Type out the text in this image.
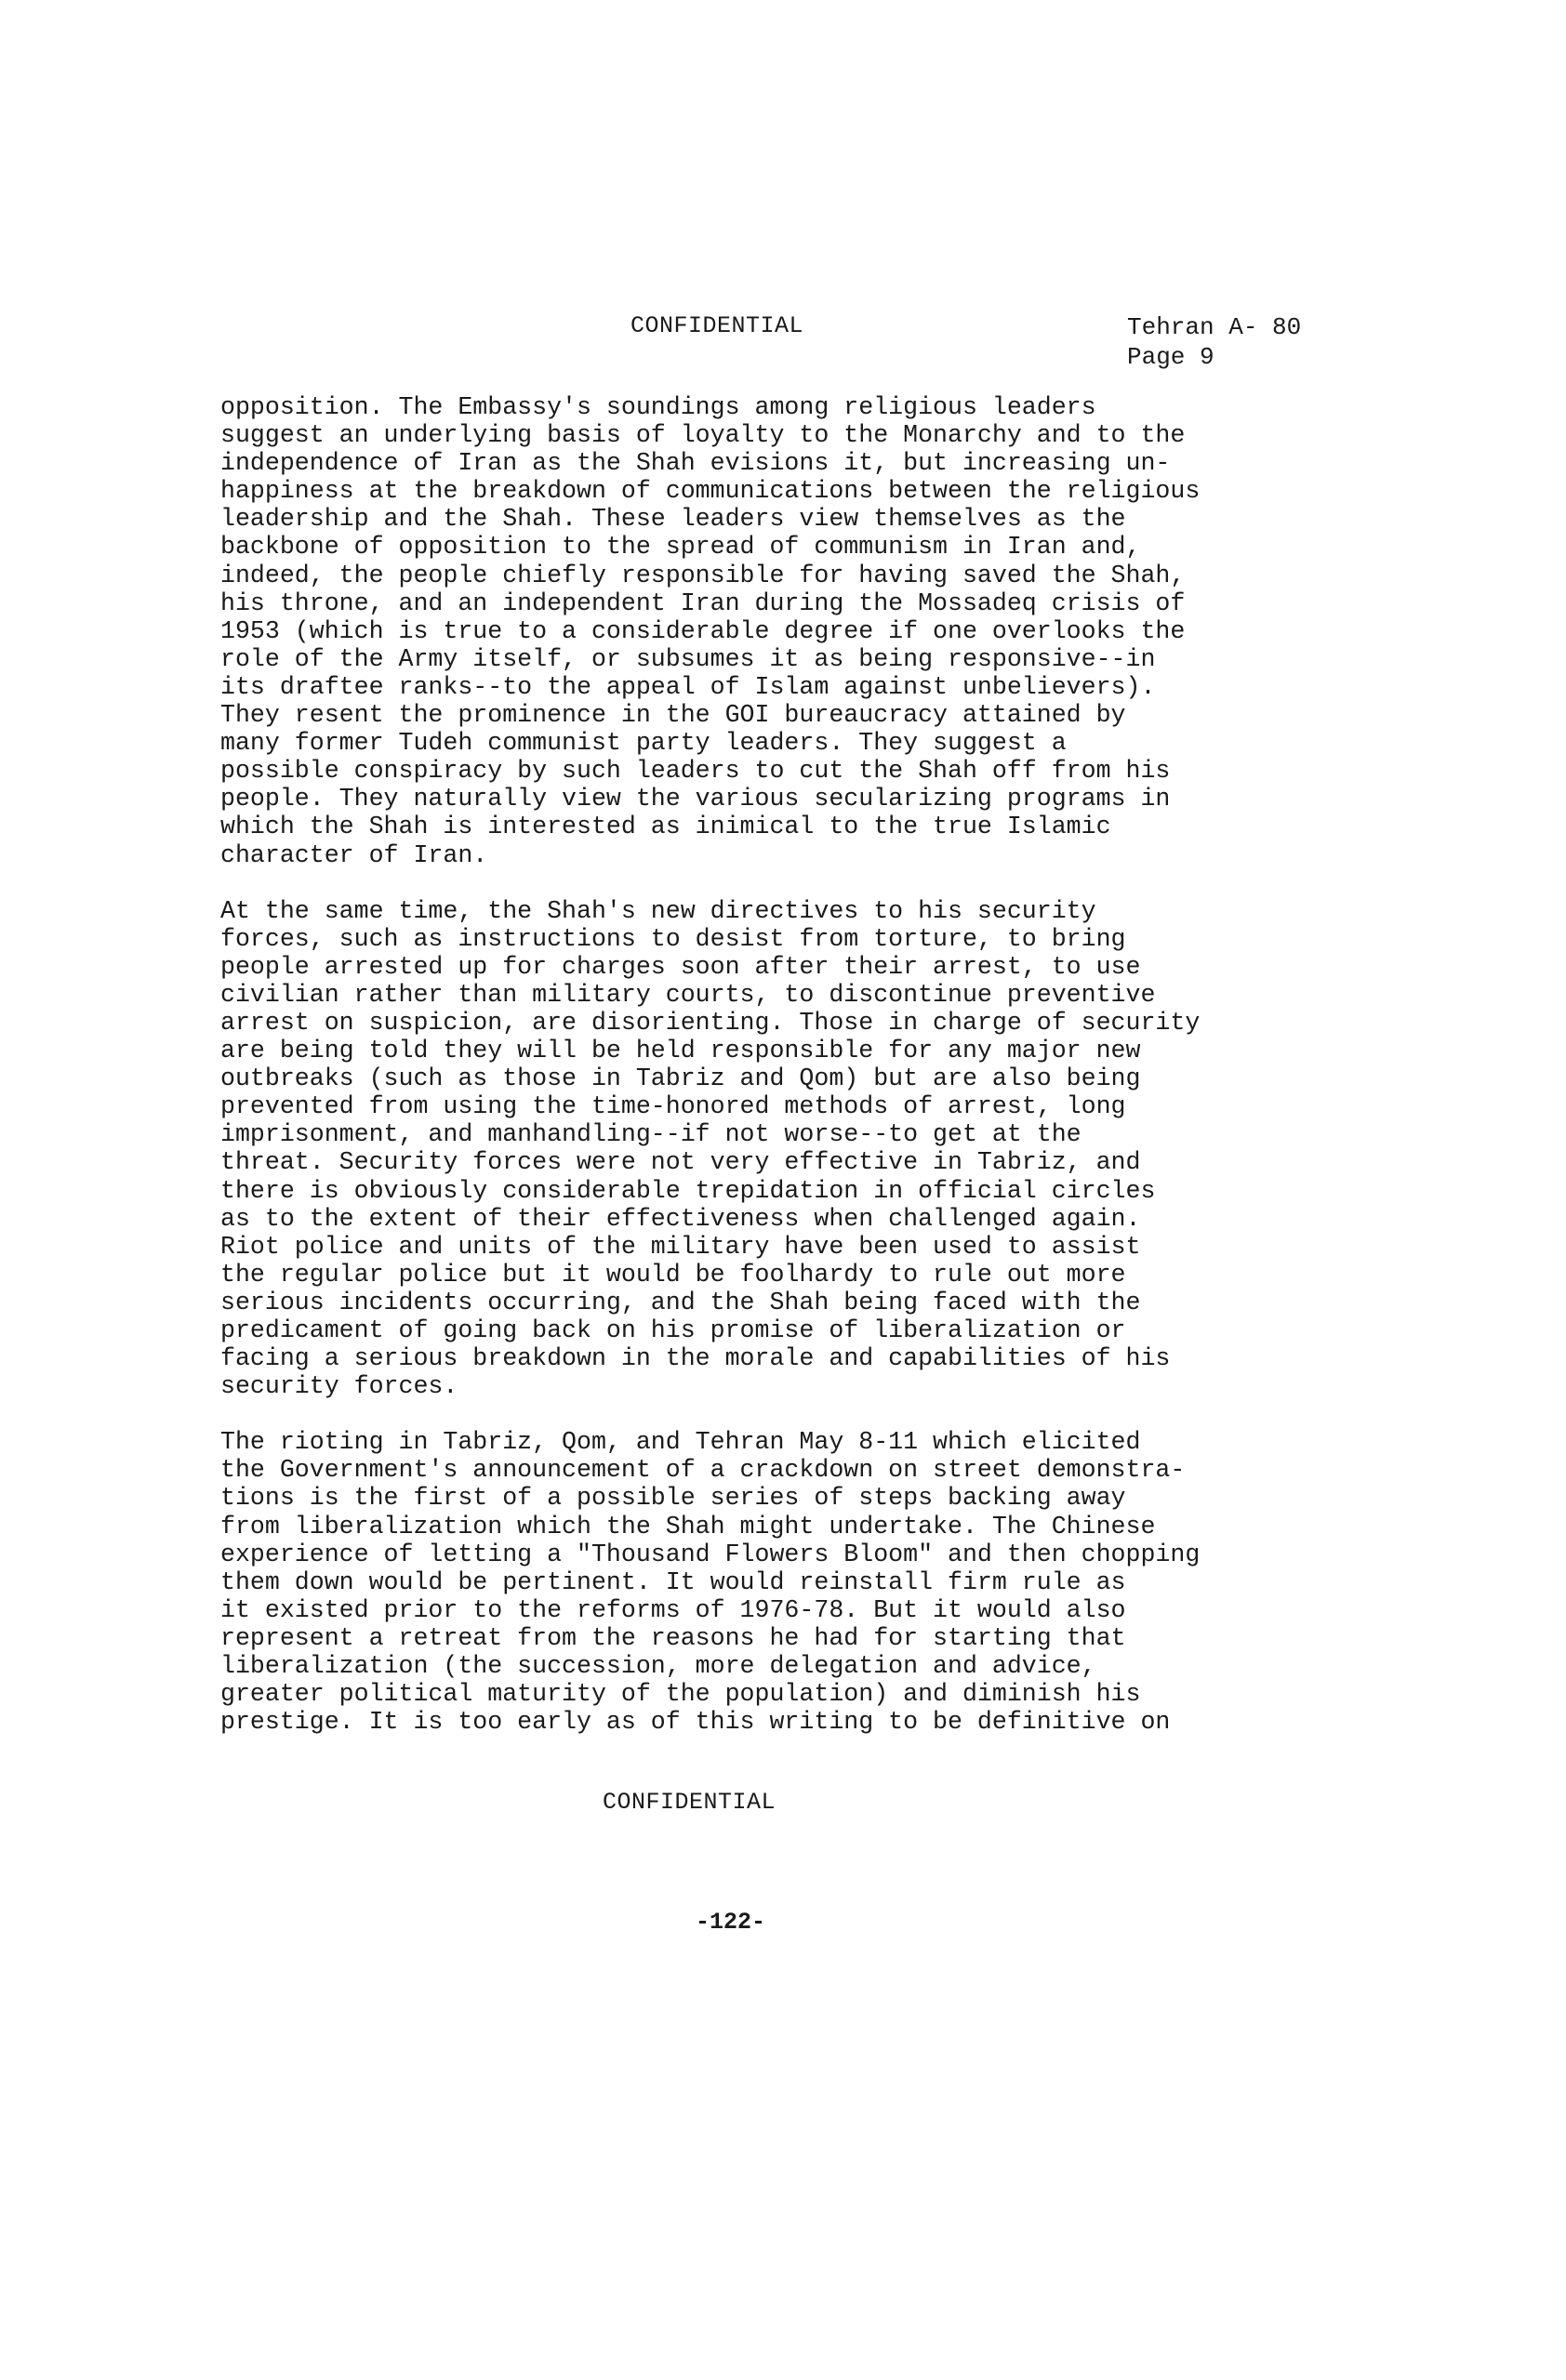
CONFIDENTIAL	Tehran A- 80
Page 9
opposition. The Embassy's soundings among religious leaders
suggest an underlying basis of loyalty to the Monarchy and to the
independence of Iran as the Shah evisions it, but increasing un-
happiness at the breakdown of communications between the religious
leadership and the Shah. These leaders view themselves as the
backbone of opposition to the spread of communism in Iran and,
indeed, the people chiefly responsible for having saved the Shah,
his throne, and an independent Iran during the Mossadeq crisis of
1953 (which is true to a considerable degree if one overlooks the
role of the Army itself, or subsumes it as being responsive--in
its draftee ranks--to the appeal of Islam against unbelievers).
They resent the prominence in the GOI bureaucracy attained by
many former Tudeh communist party leaders. They suggest a
possible conspiracy by such leaders to cut the Shah off from his
people. They naturally view the various secularizing programs in
which the Shah is interested as inimical to the true Islamic
character of Iran.
At the same time, the Shah's new directives to his security
forces, such as instructions to desist from torture, to bring
people arrested up for charges soon after their arrest, to use
civilian rather than military courts, to discontinue preventive
arrest on suspicion, are disorienting. Those in charge of security
are being told they will be held responsible for any major new
outbreaks (such as those in Tabriz and Qom) but are also being
prevented from using the time-honored methods of arrest, long
imprisonment, and manhandling--if not worse--to get at the
threat. Security forces were not very effective in Tabriz, and
there is obviously considerable trepidation in official circles
as to the extent of their effectiveness when challenged again.
Riot police and units of the military have been used to assist
the regular police but it would be foolhardy to rule out more
serious incidents occurring, and the Shah being faced with the
predicament of going back on his promise of liberalization or
facing a serious breakdown in the morale and capabilities of his
security forces.
The rioting in Tabriz, Qom, and Tehran May 8-11 which elicited
the Government's announcement of a crackdown on street demonstra-
tions is the first of a possible series of steps backing away
from liberalization which the Shah might undertake. The Chinese
experience of letting a "Thousand Flowers Bloom" and then chopping
them down would be pertinent. It would reinstall firm rule as
it existed prior to the reforms of 1976-78. But it would also
represent a retreat from the reasons he had for starting that
liberalization (the succession, more delegation and advice,
greater political maturity of the population) and diminish his
prestige. It is too early as of this writing to be definitive on
CONFIDENTIAL
-122-
